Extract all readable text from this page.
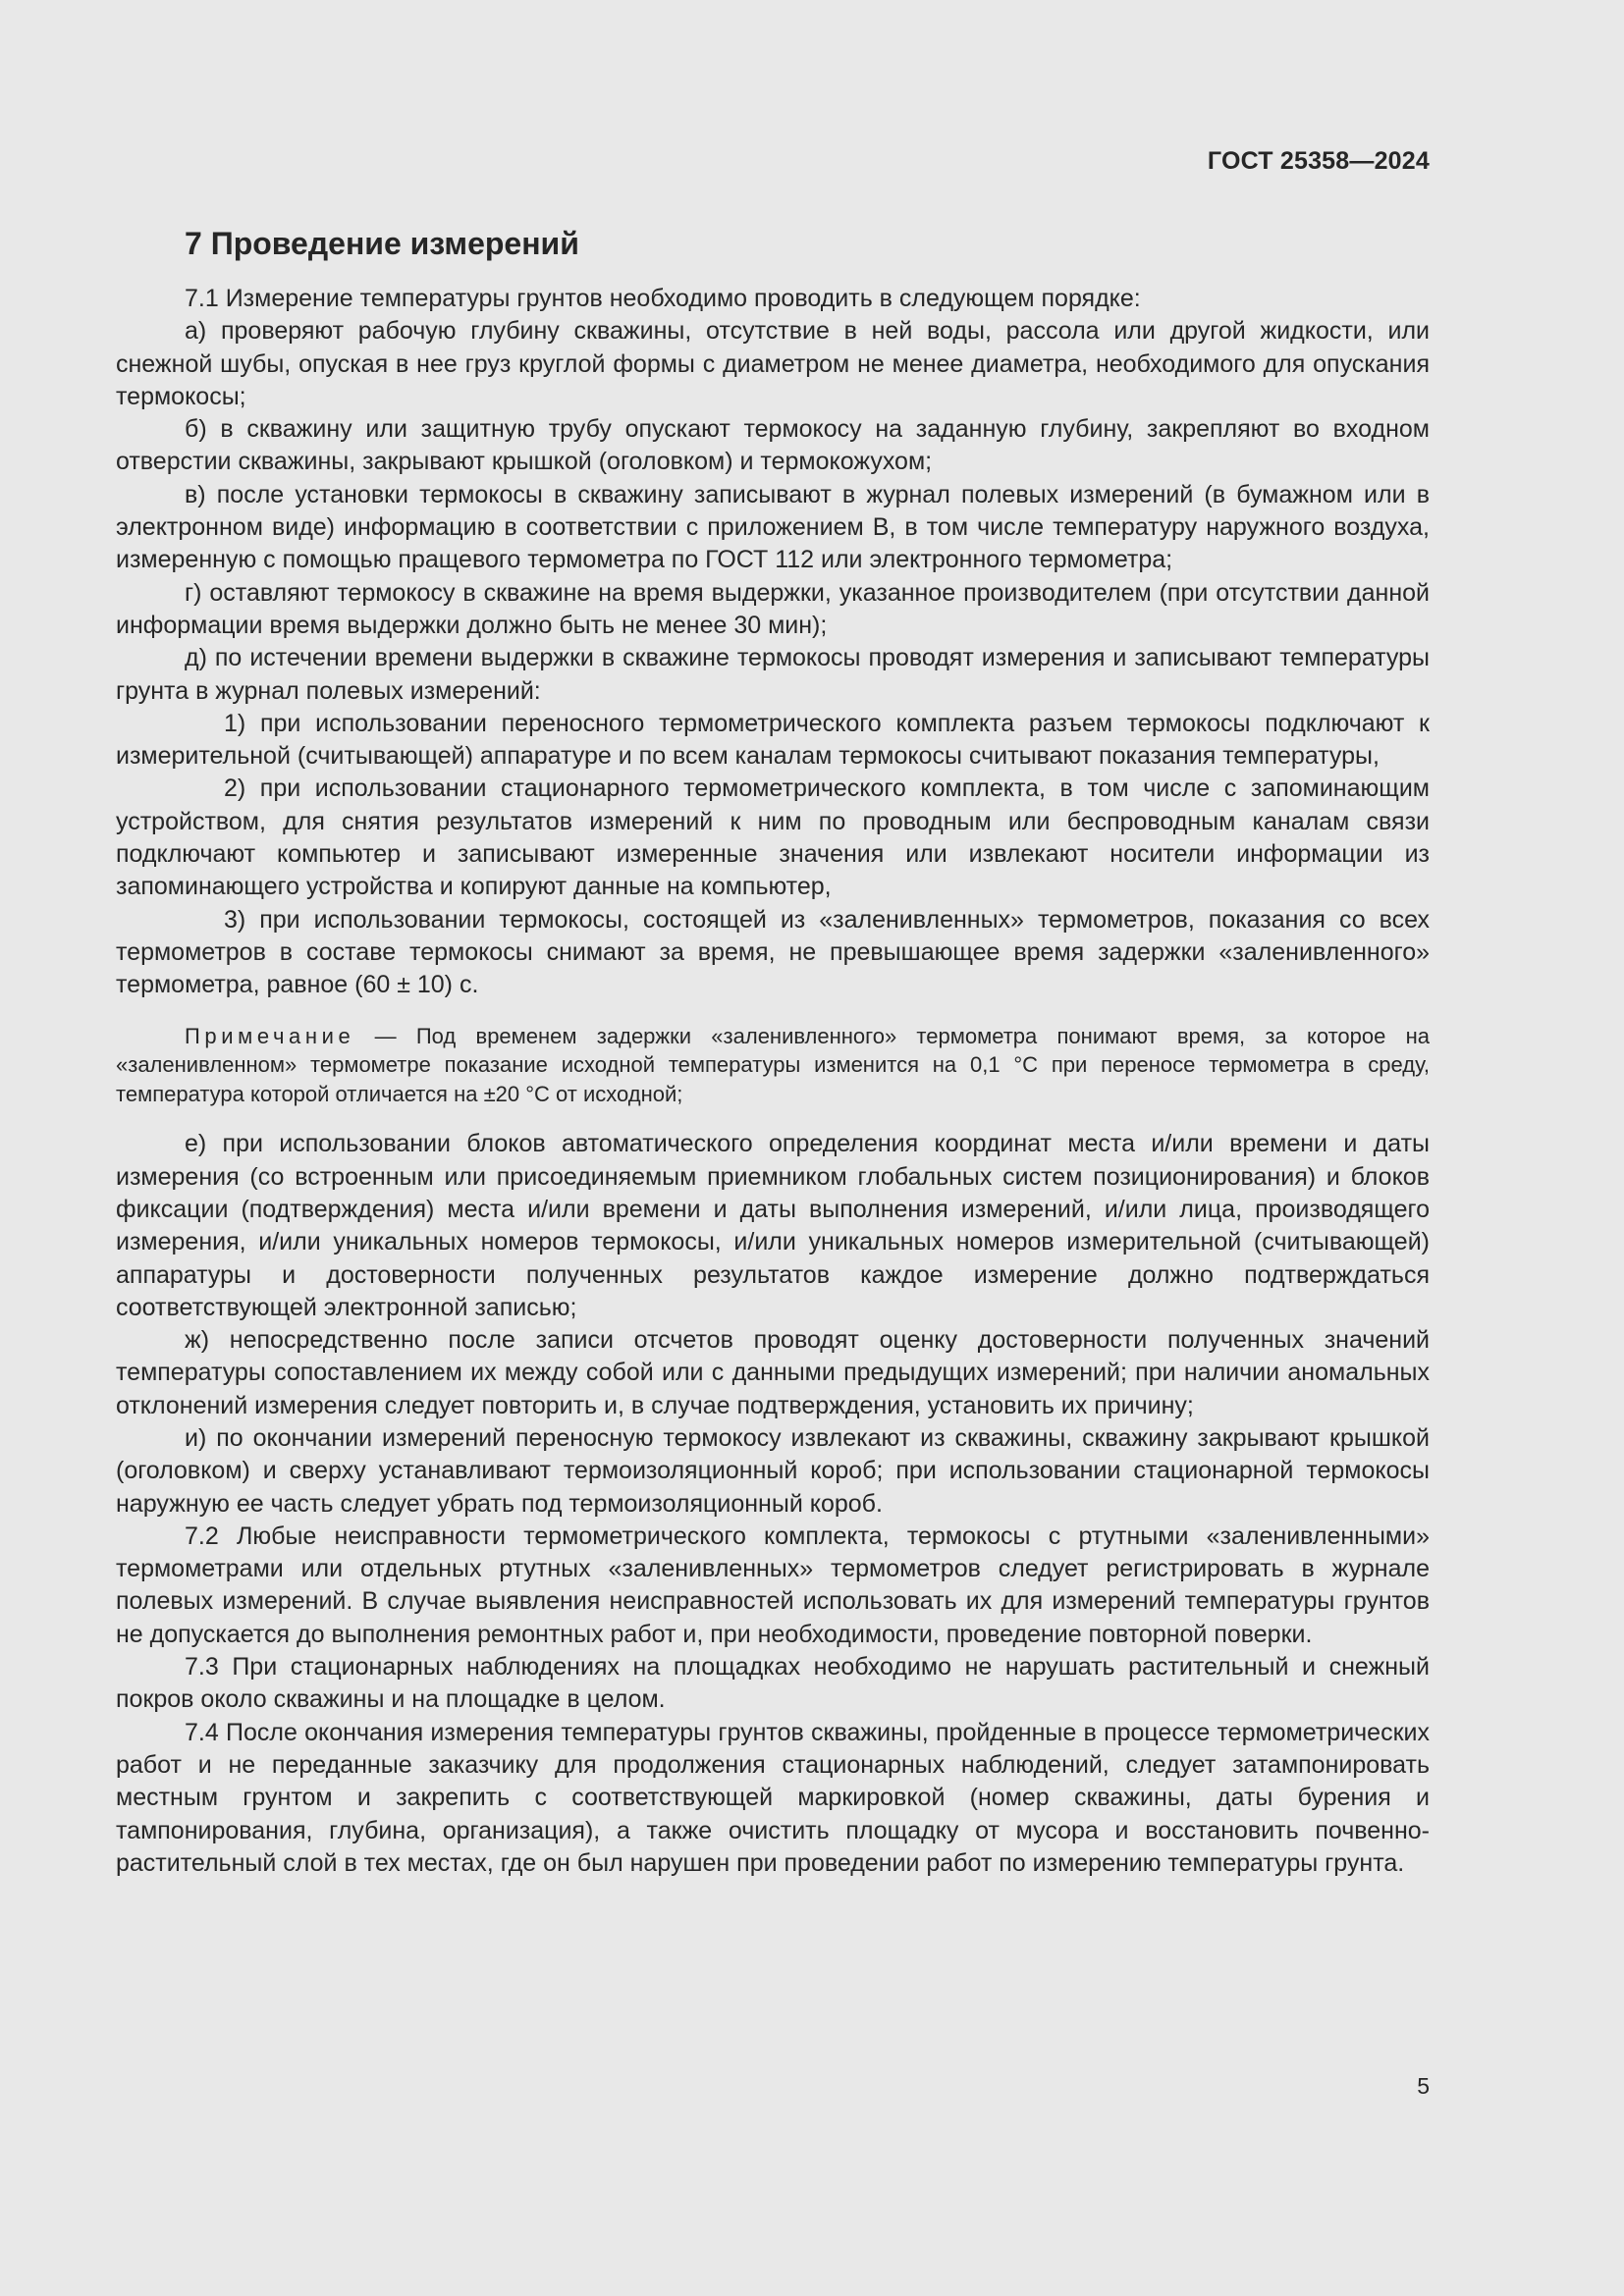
ГОСТ 25358—2024
7 Проведение измерений

7.1 Измерение температуры грунтов необходимо проводить в следующем порядке:

а) проверяют рабочую глубину скважины, отсутствие в ней воды, рассола или другой жидкости, или снежной шубы, опуская в нее груз круглой формы с диаметром не менее диаметра, необходимого для опускания термокосы;

б) в скважину или защитную трубу опускают термокосу на заданную глубину, закрепляют во входном отверстии скважины, закрывают крышкой (оголовком) и термокожухом;

в) после установки термокосы в скважину записывают в журнал полевых измерений (в бумажном или в электронном виде) информацию в соответствии с приложением В, в том числе температуру наружного воздуха, измеренную с помощью пращевого термометра по ГОСТ 112 или электронного термометра;

г) оставляют термокосу в скважине на время выдержки, указанное производителем (при отсутствии данной информации время выдержки должно быть не менее 30 мин);

д) по истечении времени выдержки в скважине термокосы проводят измерения и записывают температуры грунта в журнал полевых измерений:

1) при использовании переносного термометрического комплекта разъем термокосы подключают к измерительной (считывающей) аппаратуре и по всем каналам термокосы считывают показания температуры,

2) при использовании стационарного термометрического комплекта, в том числе с запоминающим устройством, для снятия результатов измерений к ним по проводным или беспроводным каналам связи подключают компьютер и записывают измеренные значения или извлекают носители информации из запоминающего устройства и копируют данные на компьютер,

3) при использовании термокосы, состоящей из «заленивленных» термометров, показания со всех термометров в составе термокосы снимают за время, не превышающее время задержки «заленивленного» термометра, равное (60 ± 10) с.

Примечание — Под временем задержки «заленивленного» термометра понимают время, за которое на «заленивленном» термометре показание исходной температуры изменится на 0,1 °С при переносе термометра в среду, температура которой отличается на ±20 °С от исходной;

е) при использовании блоков автоматического определения координат места и/или времени и даты измерения (со встроенным или присоединяемым приемником глобальных систем позиционирования) и блоков фиксации (подтверждения) места и/или времени и даты выполнения измерений, и/или лица, производящего измерения, и/или уникальных номеров термокосы, и/или уникальных номеров измерительной (считывающей) аппаратуры и достоверности полученных результатов каждое измерение должно подтверждаться соответствующей электронной записью;

ж) непосредственно после записи отсчетов проводят оценку достоверности полученных значений температуры сопоставлением их между собой или с данными предыдущих измерений; при наличии аномальных отклонений измерения следует повторить и, в случае подтверждения, установить их причину;

и) по окончании измерений переносную термокосу извлекают из скважины, скважину закрывают крышкой (оголовком) и сверху устанавливают термоизоляционный короб; при использовании стационарной термокосы наружную ее часть следует убрать под термоизоляционный короб.

7.2 Любые неисправности термометрического комплекта, термокосы с ртутными «заленивленными» термометрами или отдельных ртутных «заленивленных» термометров следует регистрировать в журнале полевых измерений. В случае выявления неисправностей использовать их для измерений температуры грунтов не допускается до выполнения ремонтных работ и, при необходимости, проведение повторной поверки.

7.3 При стационарных наблюдениях на площадках необходимо не нарушать растительный и снежный покров около скважины и на площадке в целом.

7.4 После окончания измерения температуры грунтов скважины, пройденные в процессе термометрических работ и не переданные заказчику для продолжения стационарных наблюдений, следует затампонировать местным грунтом и закрепить с соответствующей маркировкой (номер скважины, даты бурения и тампонирования, глубина, организация), а также очистить площадку от мусора и восстановить почвенно-растительный слой в тех местах, где он был нарушен при проведении работ по измерению температуры грунта.

5
